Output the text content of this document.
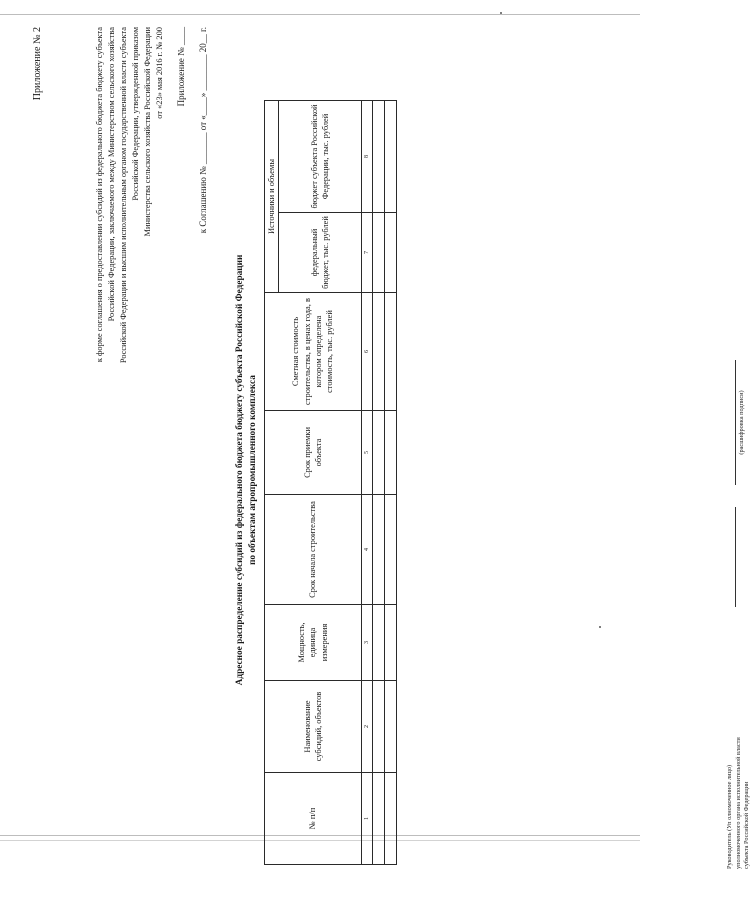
Приложение № 2	к форме соглашения о предоставлении субсидий из федерального бюджета бюджету субъекта Российской Федерации, заключаемого между Министерством сельского хозяйства Российской Федерации и высшим исполнительным органом государственной власти субъекта Российской Федерации, утвержденной приказом Министерства сельского хозяйства Российской Федерации от «23» мая 2016 г. № 200 Приложение № ____ к Соглашению № _______ от «____» ________ 20__ г.
Адресное распределение субсидий из федерального бюджета бюджету субъекта Российской Федерации по объектам агропромышленного комплекса
№ п/п	Наименование субсидий, объектов	Мощность, единица измерения	Срок начала строительства	Срок приемки объекта	Сметная стоимость строительства, в ценах года, в котором определена стоимость, тыс. рублей	Источники и объемы	
						федеральный бюджет, тыс. рублей	бюджет субъекта Российской Федерации, тыс. рублей
1	2	3	4	5	6	7	8

Руководитель (Уп олномоченное лицо) уполномоченного органа исполнительной власти субъекта Российской Федерации
(расшифровка подписи)
